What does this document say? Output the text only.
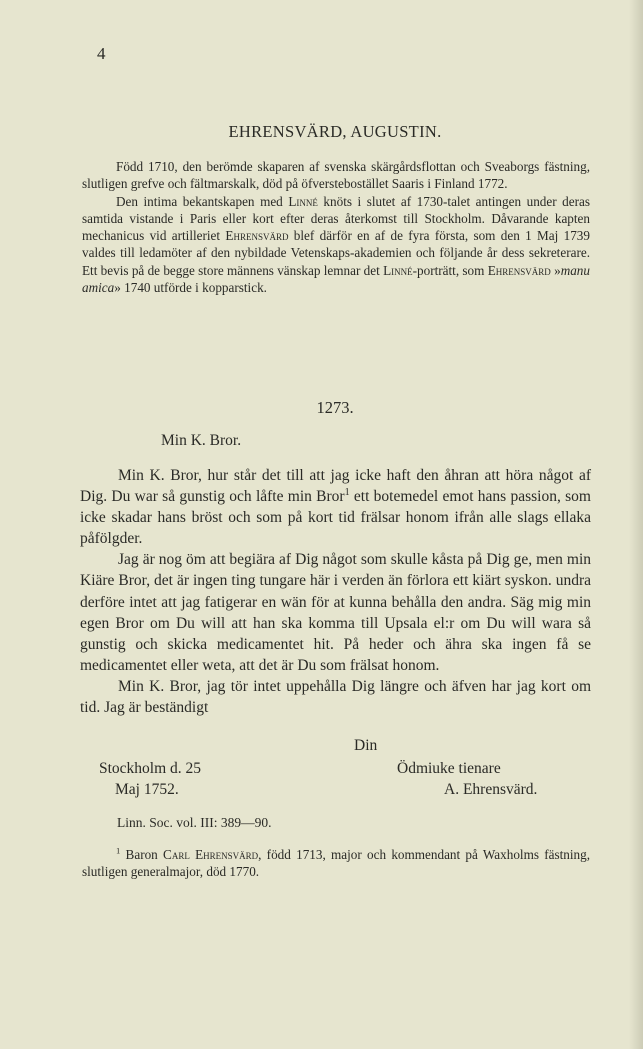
4
EHRENSVÄRD, AUGUSTIN.

Född 1710, den berömde skaparen af svenska skärgårdsflottan och Sveaborgs fästning, slutligen grefve och fältmarskalk, död på öfverstebostället Saaris i Finland 1772.

Den intima bekantskapen med Linné knöts i slutet af 1730-talet antingen under deras samtida vistande i Paris eller kort efter deras återkomst till Stockholm. Dåvarande kapten mechanicus vid artilleriet Ehrensvärd blef därför en af de fyra första, som den 1 Maj 1739 valdes till ledamöter af den nybildade Vetenskaps-akademien och följande år dess sekreterare. Ett bevis på de begge store männens vänskap lemnar det Linné-porträtt, som Ehrensvärd »manu amica» 1740 utförde i kopparstick.

1273.
Min K. Bror.

Min K. Bror, hur står det till att jag icke haft den åhran att höra något af Dig. Du war så gunstig och låfte min Bror$^1$ ett botemedel emot hans passion, som icke skadar hans bröst och som på kort tid frälsar honom ifrån alle slags ellaka påfölgder.

Jag är nog öm att begiära af Dig något som skulle kåsta på Dig ge, men min Kiäre Bror, det är ingen ting tungare här i verden än förlora ett kiärt syskon. undra derföre intet att jag fatigerar en wän för at kunna behålla den andra. Säg mig min egen Bror om Du will att han ska komma till Upsala el:r om Du will wara så gunstig och skicka medicamentet hit. På heder och ähra ska ingen få se medicamentet eller weta, att det är Du som frälsat honom.

Min K. Bror, jag tör intet uppehålla Dig längre och äfven har jag kort om tid. Jag är beständigt

Din
Stockholm d. 25
Maj 1752.
Ödmiuke tienare
A. Ehrensvärd.
Linn. Soc. vol. III: 389—90.

$^1$ Baron Carl Ehrensvärd, född 1713, major och kommendant på Waxholms fästning, slutligen generalmajor, död 1770.
